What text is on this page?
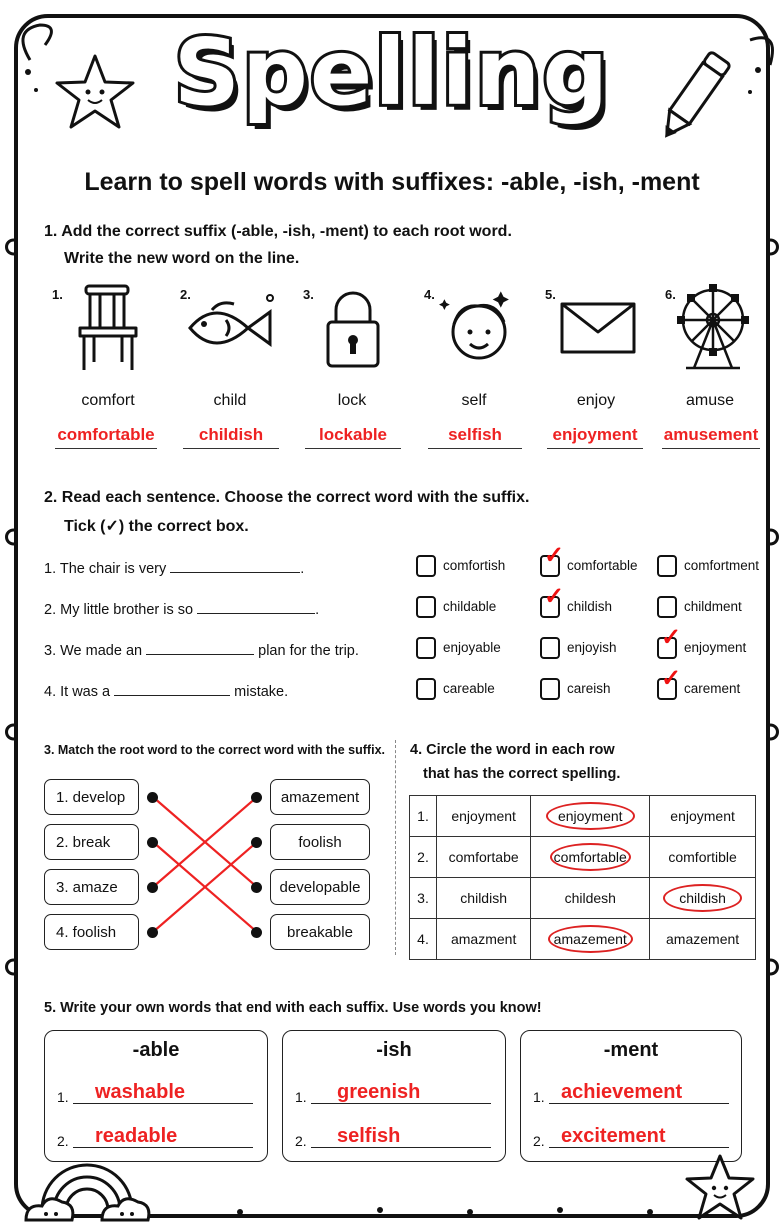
Spelling
Learn to spell words with suffixes: -able, -ish, -ment
1. Add the correct suffix (-able, -ish, -ment) to each root word.
Write the new word on the line.
1.	2.	3.	4.	5.	6.
comfort	child	lock	self	enjoy	amuse
comfortable	childish	lockable	selfish	enjoyment	amusement
2. Read each sentence. Choose the correct word with the suffix.
Tick (✓) the correct box.
1. The chair is very	.
2. My little brother is so	.
3. We made an	plan for the trip.
4. It was a	mistake.
comfortish ✓ comfortable	comfortment
childable ✓ childish	childment
enjoyable	enjoyish ✓ enjoyment
careable	careish ✓ carement
3. Match the root word to the correct word with the suffix.
1. develop
2. break
3. amaze
4. foolish
amazement
foolish
developable
breakable
4. Circle the word in each row
that has the correct spelling.
1.	enjoyment	enjoyment	enjoyment
2.	comfortabe	comfortable	comfortible
3.	childish	childesh	childish
4.	amazment	amazement	amazement
5. Write your own words that end with each suffix. Use words you know!
-able
1. washable
2. readable
-ish
1. greenish
2. selfish
-ment
1. achievement
2. excitement
